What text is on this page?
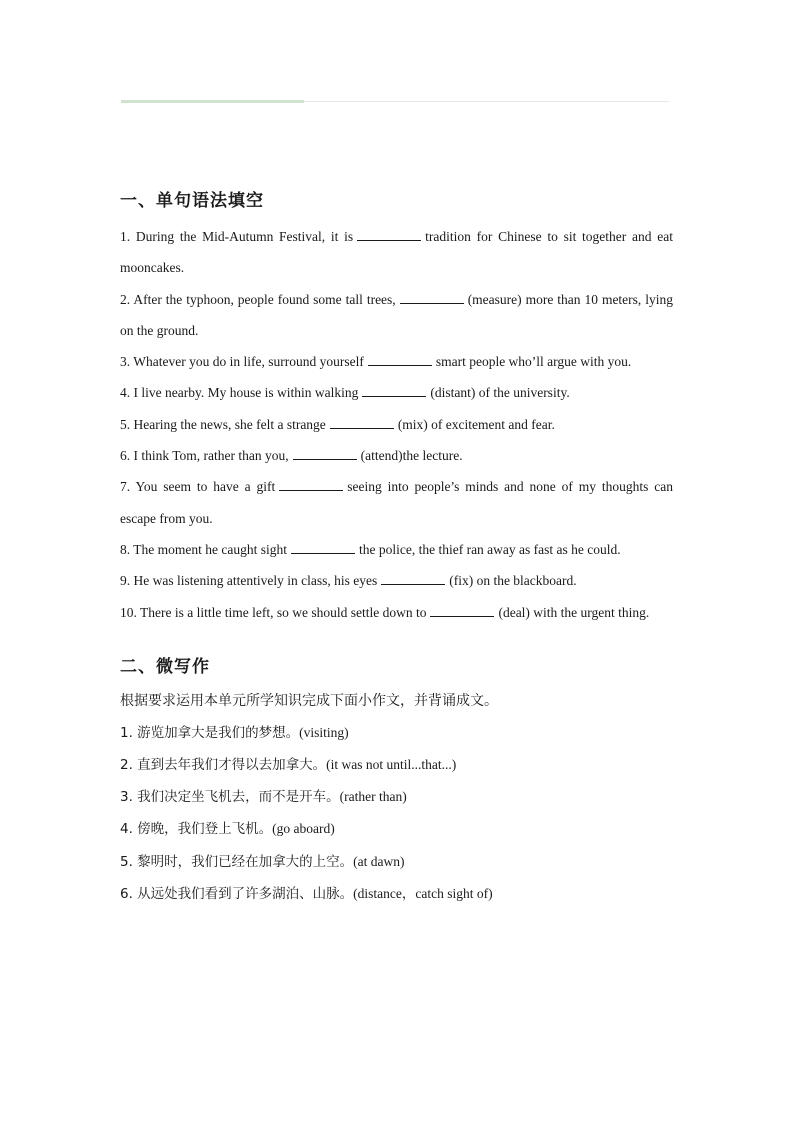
一、单句语法填空
1. During the Mid-Autumn Festival, it is	tradition for Chinese to sit together and eat mooncakes.
2. After the typhoon, people found some tall trees,	(measure) more than 10 meters, lying on the ground.
3. Whatever you do in life, surround yourself	smart people who’ll argue with you.
4. I live nearby. My house is within walking	(distant) of the university.
5. Hearing the news, she felt a strange	(mix) of excitement and fear.
6. I think Tom, rather than you,	(attend)the lecture.
7. You seem to have a gift	seeing into people’s minds and none of my thoughts can escape from you.
8. The moment he caught sight	the police, the thief ran away as fast as he could.
9. He was listening attentively in class, his eyes	(fix) on the blackboard.
10. There is a little time left, so we should settle down to	(deal) with the urgent thing.
二、微写作

根据要求运用本单元所学知识完成下面小作文，并背诵成文。

1. 游览加拿大是我们的梦想。(visiting)
2. 直到去年我们才得以去加拿大。(it was not until...that...)
3. 我们决定坐飞机去，而不是开车。(rather than)
4. 傍晚，我们登上飞机。(go aboard)
5. 黎明时，我们已经在加拿大的上空。(at dawn)
6. 从远处我们看到了许多湖泊、山脉。(distance，catch sight of)
